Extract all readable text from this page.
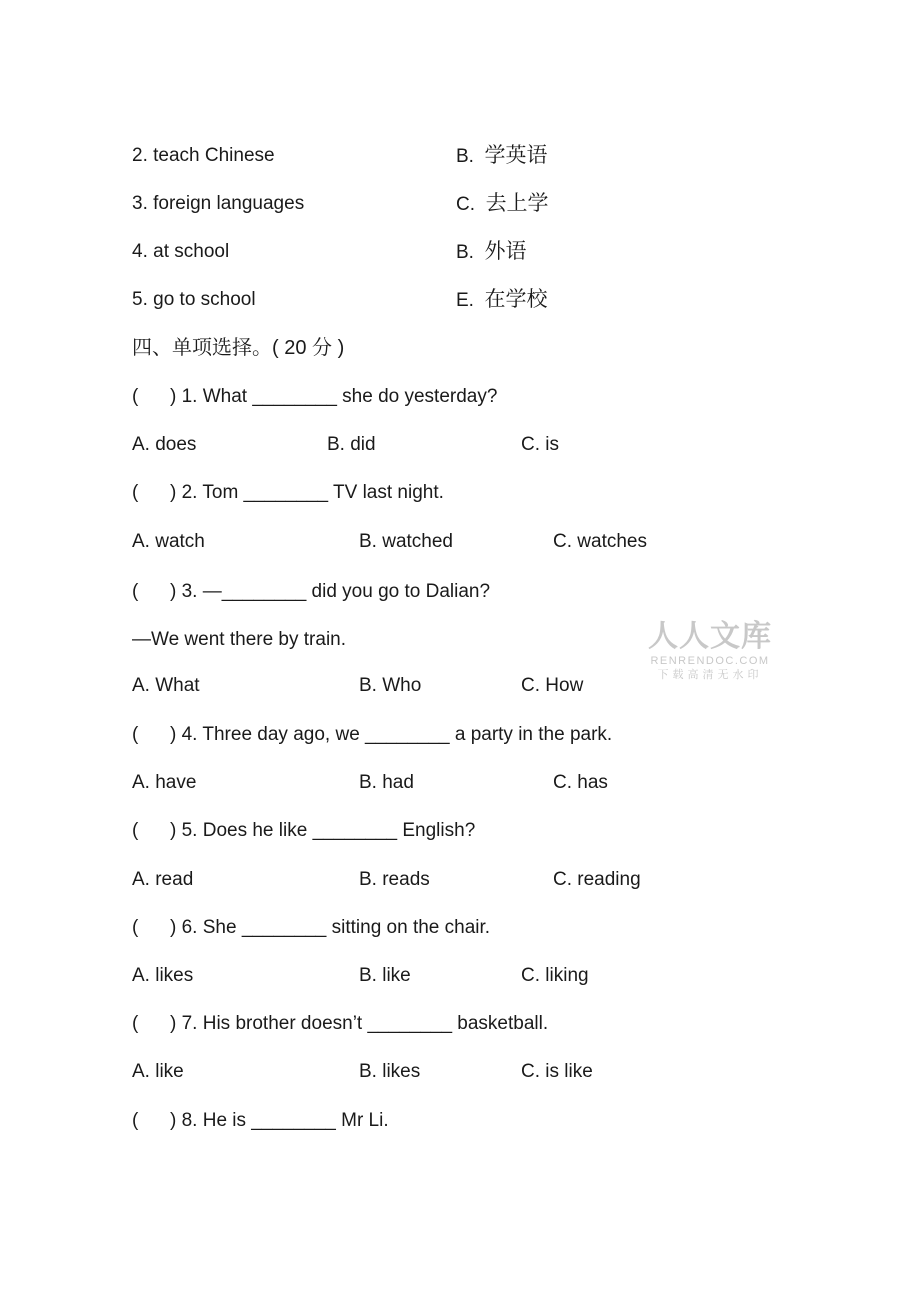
2. teach Chinese	B. 学英语
3. foreign languages	C. 去上学
4. at school	B. 外语
5. go to school	E. 在学校
四、单项选择。( 20 分 )
(      ) 1. What ________ she do yesterday?
A. does	B. did	C. is
(      ) 2. Tom ________ TV last night.
A. watch	B. watched	C. watches
(      ) 3. —________ did you go to Dalian?
—We went there by train.
A. What	B. Who	C. How
(      ) 4. Three day ago, we ________ a party in the park.
A. have	B. had	C. has
(      ) 5. Does he like ________ English?
A. read	B. reads	C. reading
(      ) 6. She ________ sitting on the chair.
A. likes	B. like	C. liking
(      ) 7. His brother doesn’t ________ basketball.
A. like	B. likes	C. is like
(      ) 8. He is ________ Mr Li.
人人文库
RENRENDOC.COM
下载高清无水印
